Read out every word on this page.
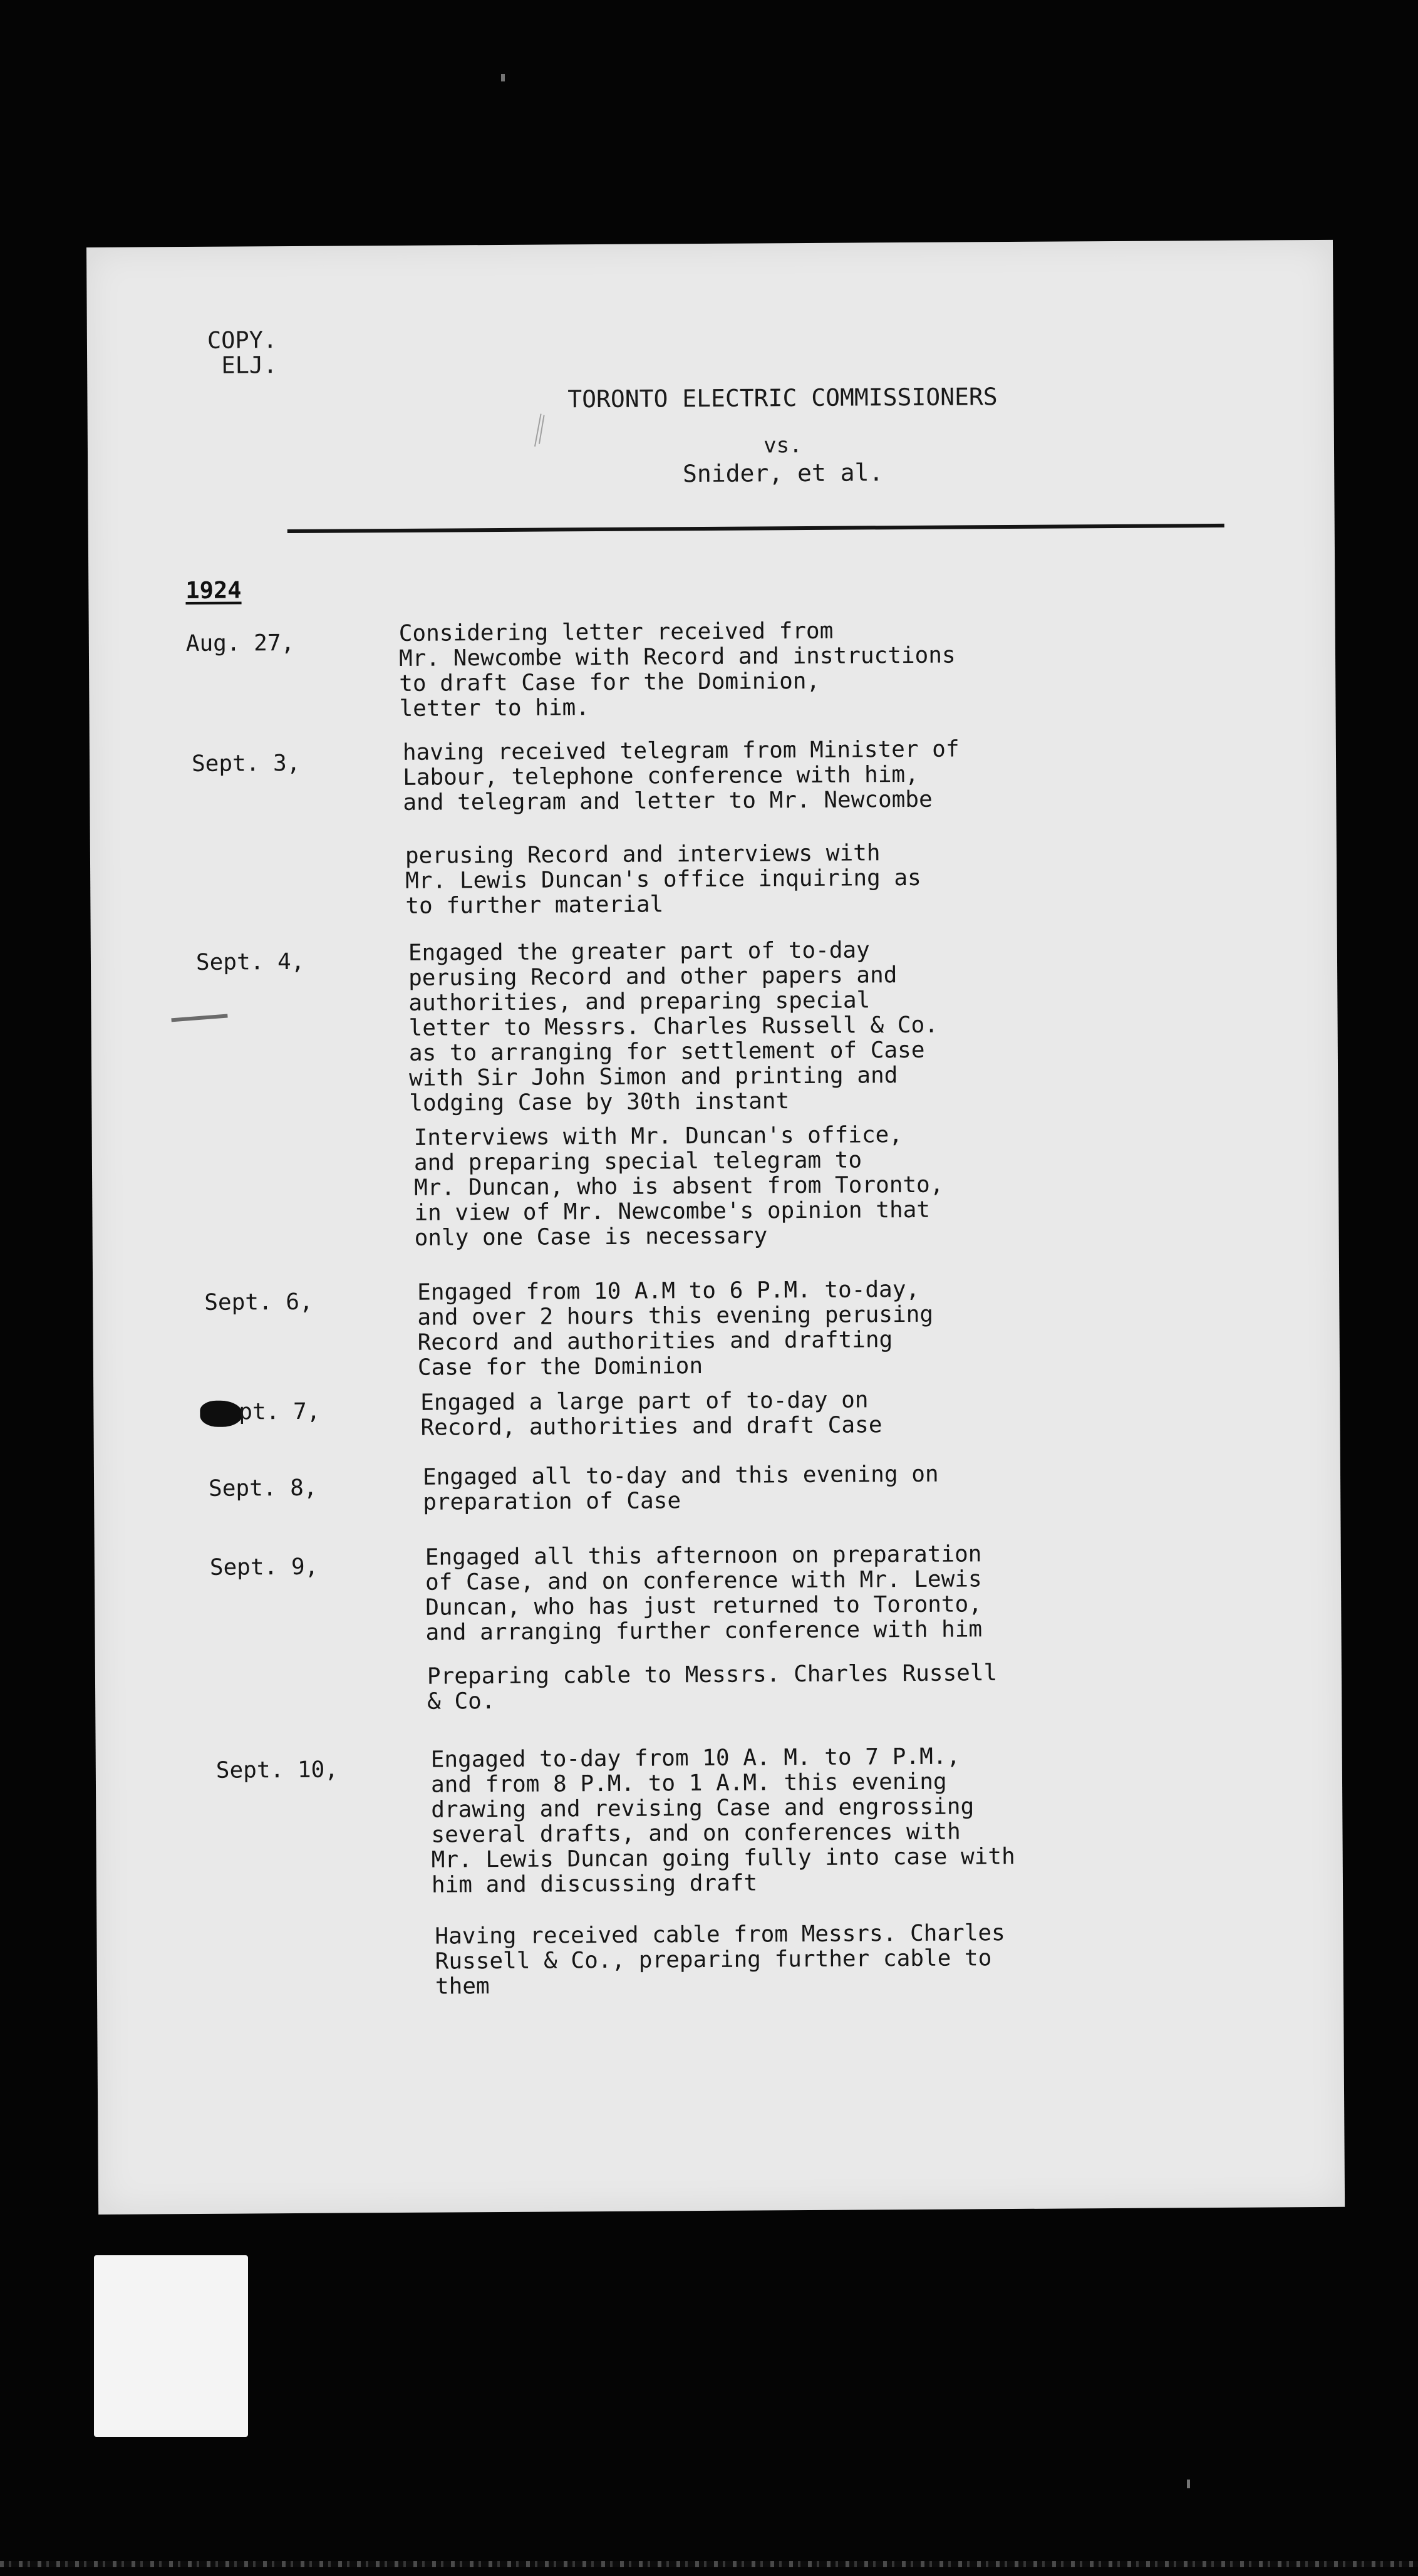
COPY.
ELJ.
TORONTO ELECTRIC COMMISSIONERS
vs.
Snider, et al.
1924
Aug. 27,	Considering letter received from
Mr. Newcombe with Record and instructions
to draft Case for the Dominion,
letter to him.
Sept. 3,	having received telegram from Minister of
Labour, telephone conference with him,
and telegram and letter to Mr. Newcombe
perusing Record and interviews with
Mr. Lewis Duncan's office inquiring as
to further material
Sept. 4,	Engaged the greater part of to-day
perusing Record and other papers and
authorities, and preparing special
letter to Messrs. Charles Russell & Co.
as to arranging for settlement of Case
with Sir John Simon and printing and
lodging Case by 30th instant
Interviews with Mr. Duncan's office,
and preparing special telegram to
Mr. Duncan, who is absent from Toronto,
in view of Mr. Newcombe's opinion that
only one Case is necessary
Sept. 6,	Engaged from 10 A.M to 6 P.M. to-day,
and over 2 hours this evening perusing
Record and authorities and drafting
Case for the Dominion
pt. 7,	Engaged a large part of to-day on
Record, authorities and draft Case
Sept. 8,	Engaged all to-day and this evening on
preparation of Case
Sept. 9,	Engaged all this afternoon on preparation
of Case, and on conference with Mr. Lewis
Duncan, who has just returned to Toronto,
and arranging further conference with him
Preparing cable to Messrs. Charles Russell
& Co.
Sept. 10,	Engaged to-day from 10 A. M. to 7 P.M.,
and from 8 P.M. to 1 A.M. this evening
drawing and revising Case and engrossing
several drafts, and on conferences with
Mr. Lewis Duncan going fully into case with
him and discussing draft
Having received cable from Messrs. Charles
Russell & Co., preparing further cable to
them
